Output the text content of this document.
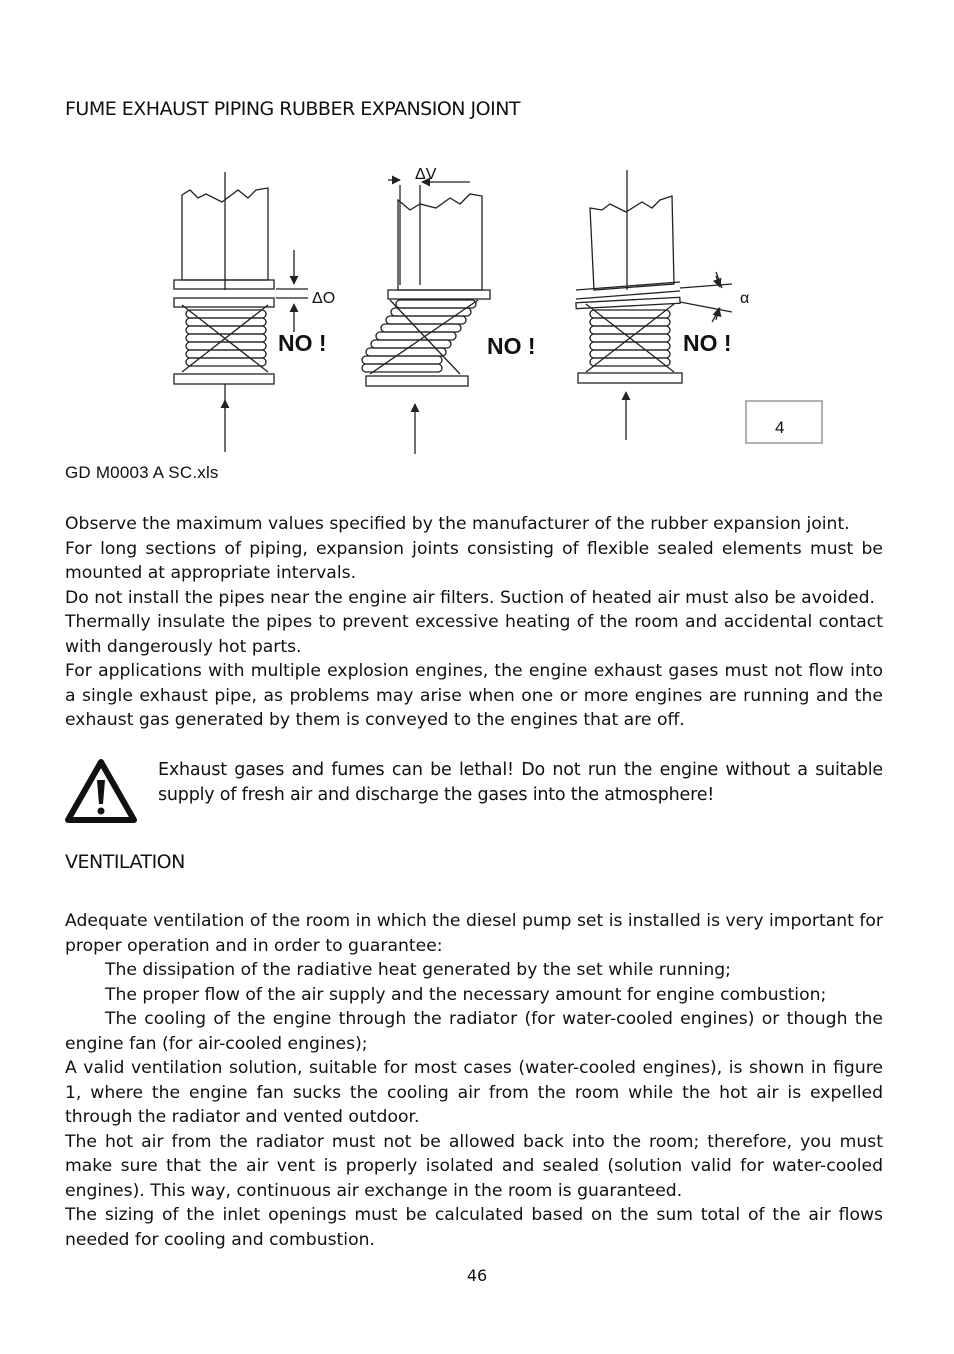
FUME EXHAUST PIPING RUBBER EXPANSION JOINT
ΔO
ΔV
α
NO !	NO !	NO !
4
GD M0003 A SC.xls

Observe the maximum values specified by the manufacturer of the rubber expansion joint.

For long sections of piping, expansion joints consisting of flexible sealed elements must be mounted at appropriate intervals.

Do not install the pipes near the engine air filters. Suction of heated air must also be avoided.

Thermally insulate the pipes to prevent excessive heating of the room and accidental contact with dangerously hot parts.

For applications with multiple explosion engines, the engine exhaust gases must not flow into a single exhaust pipe, as problems may arise when one or more engines are running and the exhaust gas generated by them is conveyed to the engines that are off.

Exhaust gases and fumes can be lethal! Do not run the engine without a suitable supply of fresh air and discharge the gases into the atmosphere!
VENTILATION

Adequate ventilation of the room in which the diesel pump set is installed is very important for proper operation and in order to guarantee:

The dissipation of the radiative heat generated by the set while running;

The proper flow of the air supply and the necessary amount for engine combustion;

The cooling of the engine through the radiator (for water-cooled engines) or though the engine fan (for air-cooled engines);

A valid ventilation solution, suitable for most cases (water-cooled engines), is shown in figure 1, where the engine fan sucks the cooling air from the room while the hot air is expelled through the radiator and vented outdoor.

The hot air from the radiator must not be allowed back into the room; therefore, you must make sure that the air vent is properly isolated and sealed (solution valid for water-cooled engines). This way, continuous air exchange in the room is guaranteed.

The sizing of the inlet openings must be calculated based on the sum total of the air flows needed for cooling and combustion.

46
